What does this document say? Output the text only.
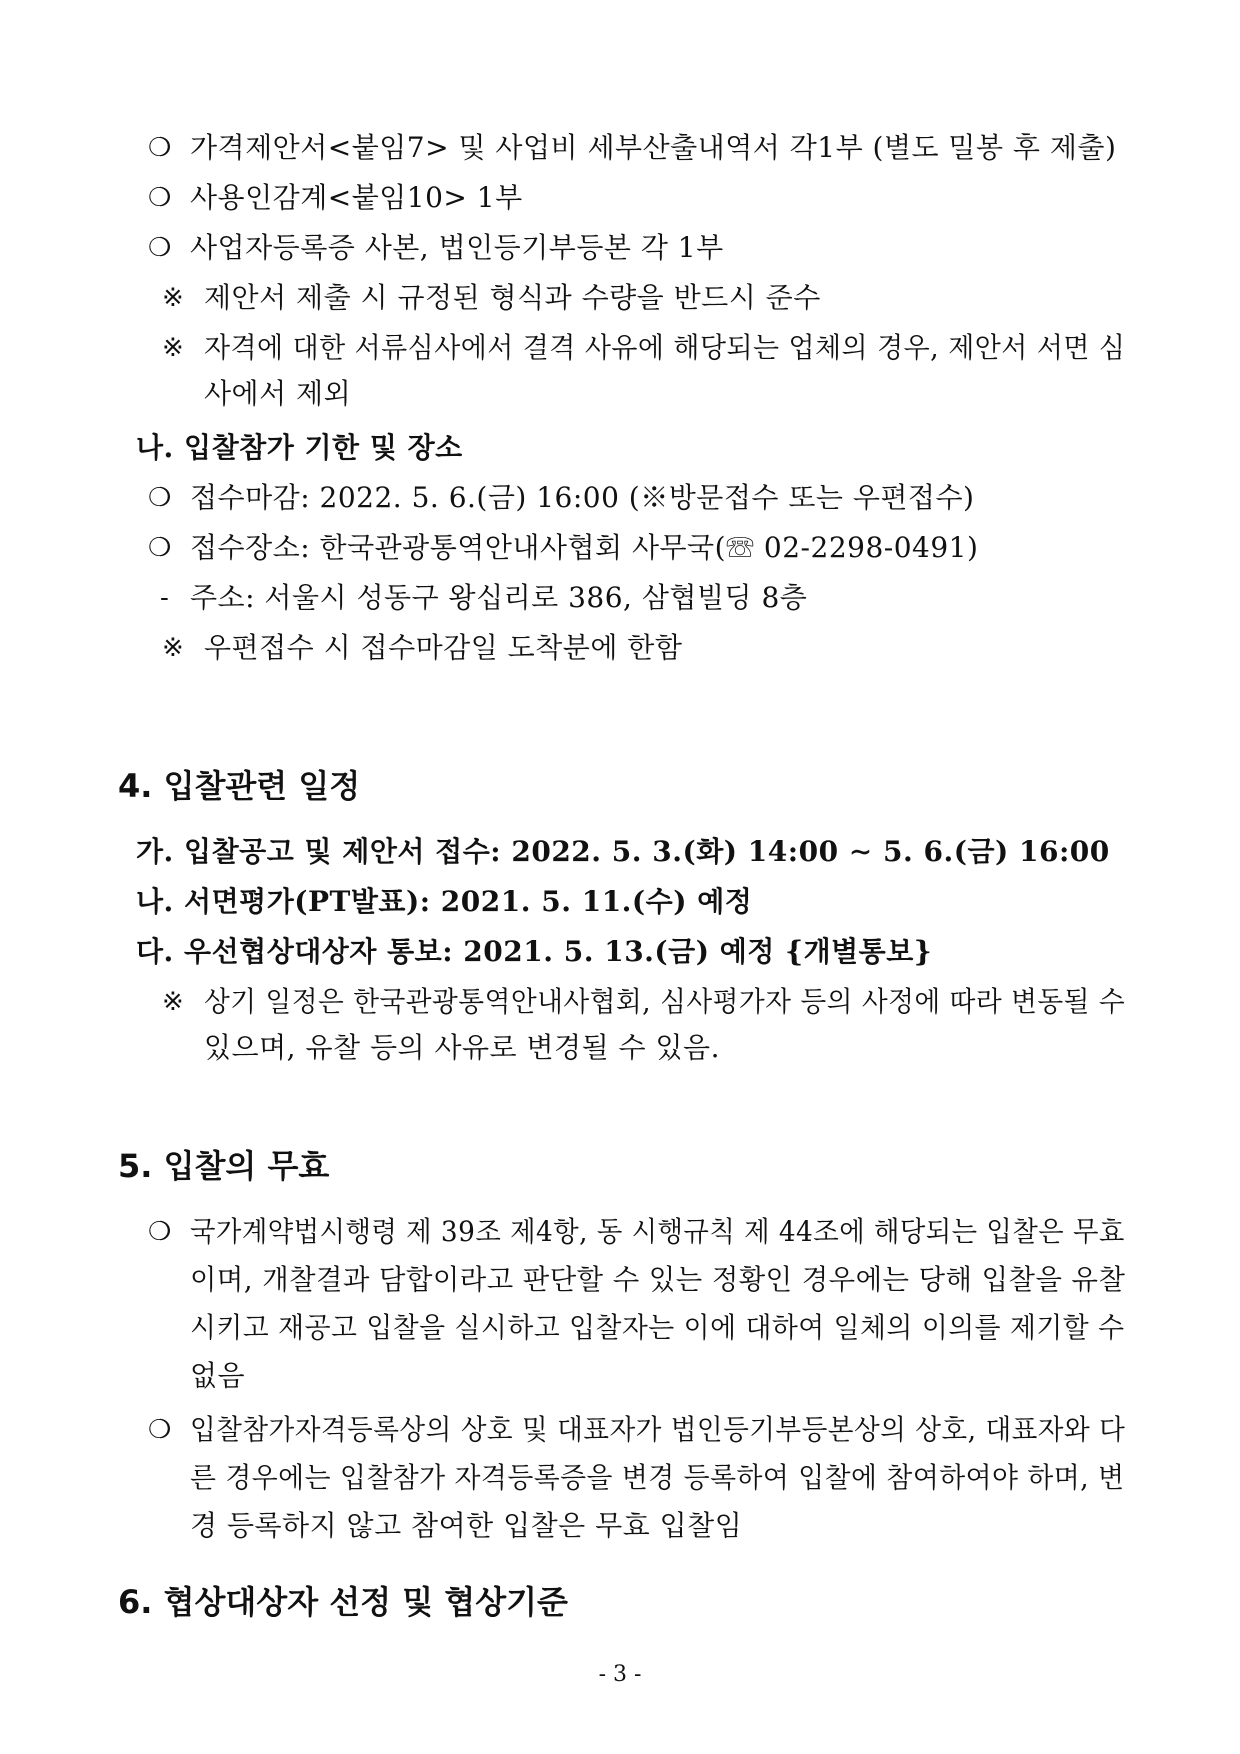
❍ 가격제안서<붙임7> 및 사업비 세부산출내역서 각1부 (별도 밀봉 후 제출)
❍ 사용인감계<붙임10> 1부
❍ 사업자등록증 사본, 법인등기부등본 각 1부
※ 제안서 제출 시 규정된 형식과 수량을 반드시 준수
※ 자격에 대한 서류심사에서 결격 사유에 해당되는 업체의 경우, 제안서 서면 심
사에서 제외
나. 입찰참가 기한 및 장소
❍ 접수마감: 2022. 5. 6.(금) 16:00 (※방문접수 또는 우편접수)
❍ 접수장소: 한국관광통역안내사협회 사무국(☏ 02-2298-0491)
- 주소: 서울시 성동구 왕십리로 386, 삼협빌딩 8층
※ 우편접수 시 접수마감일 도착분에 한함
4. 입찰관련 일정
가. 입찰공고 및 제안서 접수: 2022. 5. 3.(화) 14:00 ∼ 5. 6.(금) 16:00
나. 서면평가(PT발표): 2021. 5. 11.(수) 예정
다. 우선협상대상자 통보: 2021. 5. 13.(금) 예정 {개별통보}
※ 상기 일정은 한국관광통역안내사협회, 심사평가자 등의 사정에 따라 변동될 수
있으며, 유찰 등의 사유로 변경될 수 있음.
5. 입찰의 무효
❍ 국가계약법시행령 제 39조 제4항, 동 시행규칙 제 44조에 해당되는 입찰은 무효
이며, 개찰결과 담합이라고 판단할 수 있는 정황인 경우에는 당해 입찰을 유찰
시키고 재공고 입찰을 실시하고 입찰자는 이에 대하여 일체의 이의를 제기할 수
없음
❍ 입찰참가자격등록상의 상호 및 대표자가 법인등기부등본상의 상호, 대표자와 다
른 경우에는 입찰참가 자격등록증을 변경 등록하여 입찰에 참여하여야 하며, 변
경 등록하지 않고 참여한 입찰은 무효 입찰임
6. 협상대상자 선정 및 협상기준
- 3 -
